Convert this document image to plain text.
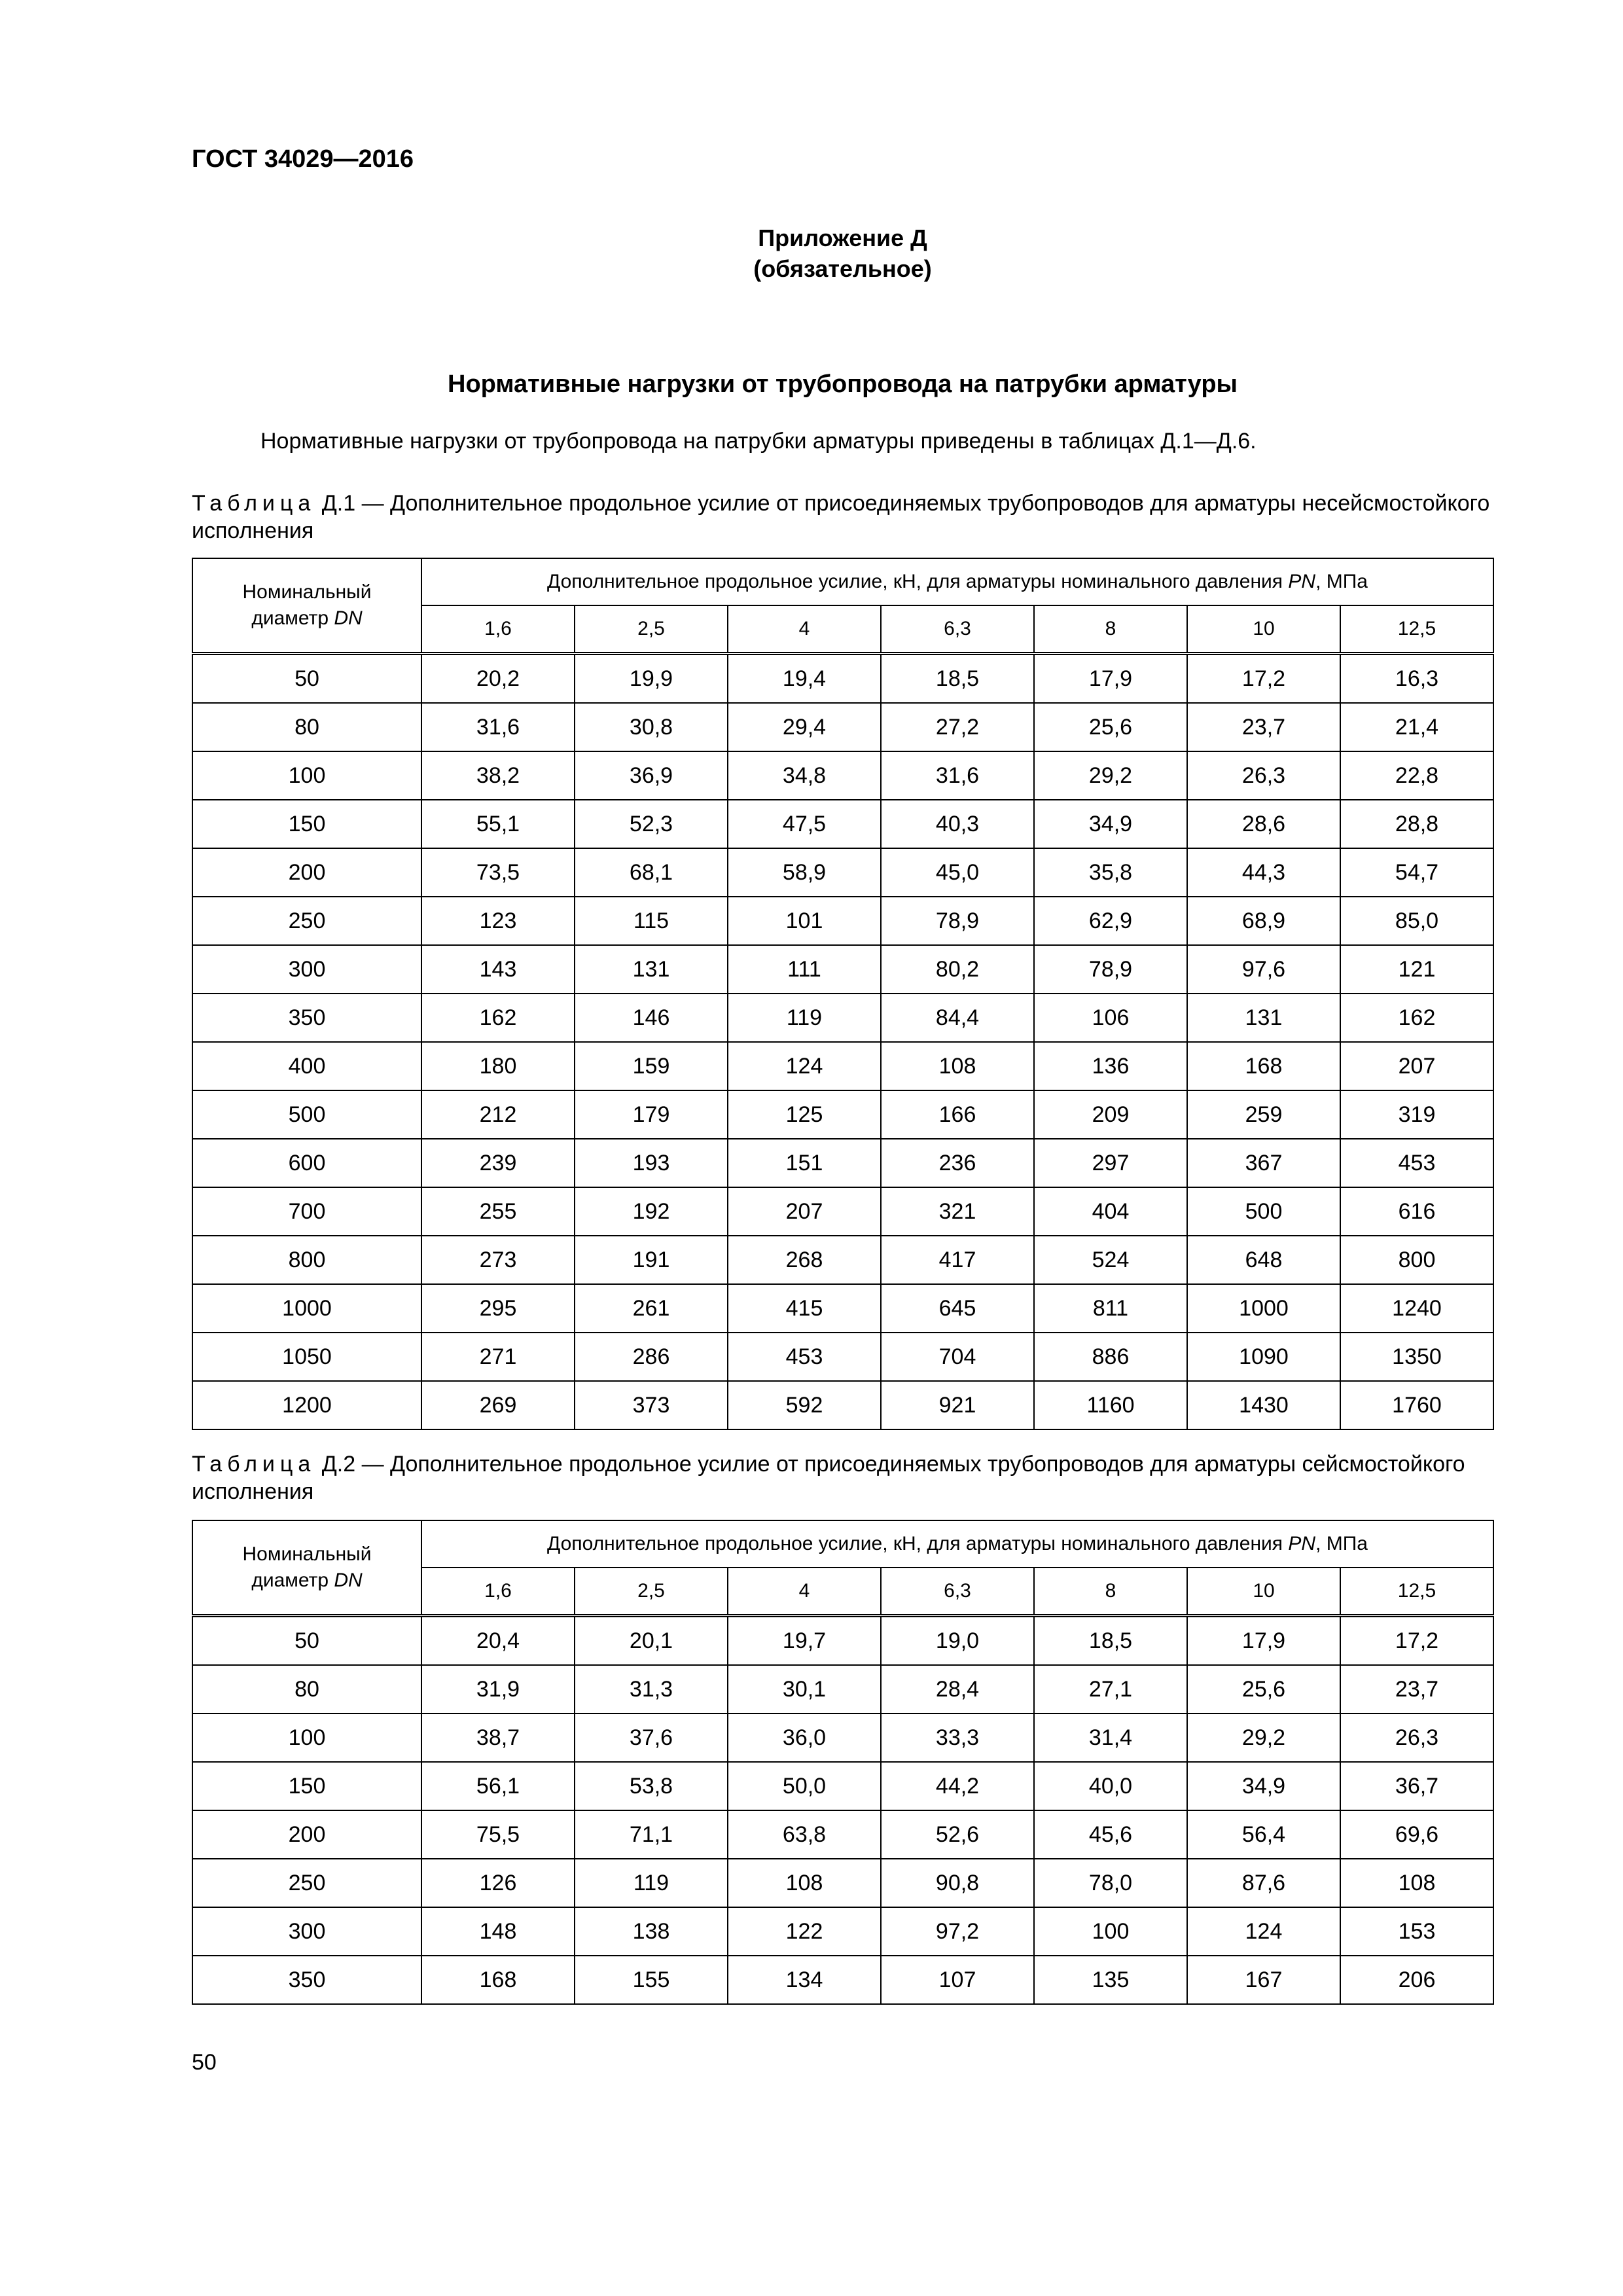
ГОСТ 34029—2016
Приложение Д
(обязательное)
Нормативные нагрузки от трубопровода на патрубки арматуры
Нормативные нагрузки от трубопровода на патрубки арматуры приведены в таблицах Д.1—Д.6.
Таблица Д.1 — Дополнительное продольное усилие от присоединяемых трубопроводов для арматуры несейсмостойкого исполнения
Номинальный
диаметр DN	Дополнительное продольное усилие, кН, для арматуры номинального давления PN, МПа						
	1,6	2,5	4	6,3	8	10	12,5
50	20,2	19,9	19,4	18,5	17,9	17,2	16,3
80	31,6	30,8	29,4	27,2	25,6	23,7	21,4
100	38,2	36,9	34,8	31,6	29,2	26,3	22,8
150	55,1	52,3	47,5	40,3	34,9	28,6	28,8
200	73,5	68,1	58,9	45,0	35,8	44,3	54,7
250	123	115	101	78,9	62,9	68,9	85,0
300	143	131	111	80,2	78,9	97,6	121
350	162	146	119	84,4	106	131	162
400	180	159	124	108	136	168	207
500	212	179	125	166	209	259	319
600	239	193	151	236	297	367	453
700	255	192	207	321	404	500	616
800	273	191	268	417	524	648	800
1000	295	261	415	645	811	1000	1240
1050	271	286	453	704	886	1090	1350
1200	269	373	592	921	1160	1430	1760
Таблица Д.2 — Дополнительное продольное усилие от присоединяемых трубопроводов для арматуры сейсмостойкого исполнения
Номинальный
диаметр DN	Дополнительное продольное усилие, кН, для арматуры номинального давления PN, МПа						
	1,6	2,5	4	6,3	8	10	12,5
50	20,4	20,1	19,7	19,0	18,5	17,9	17,2
80	31,9	31,3	30,1	28,4	27,1	25,6	23,7
100	38,7	37,6	36,0	33,3	31,4	29,2	26,3
150	56,1	53,8	50,0	44,2	40,0	34,9	36,7
200	75,5	71,1	63,8	52,6	45,6	56,4	69,6
250	126	119	108	90,8	78,0	87,6	108
300	148	138	122	97,2	100	124	153
350	168	155	134	107	135	167	206
50
